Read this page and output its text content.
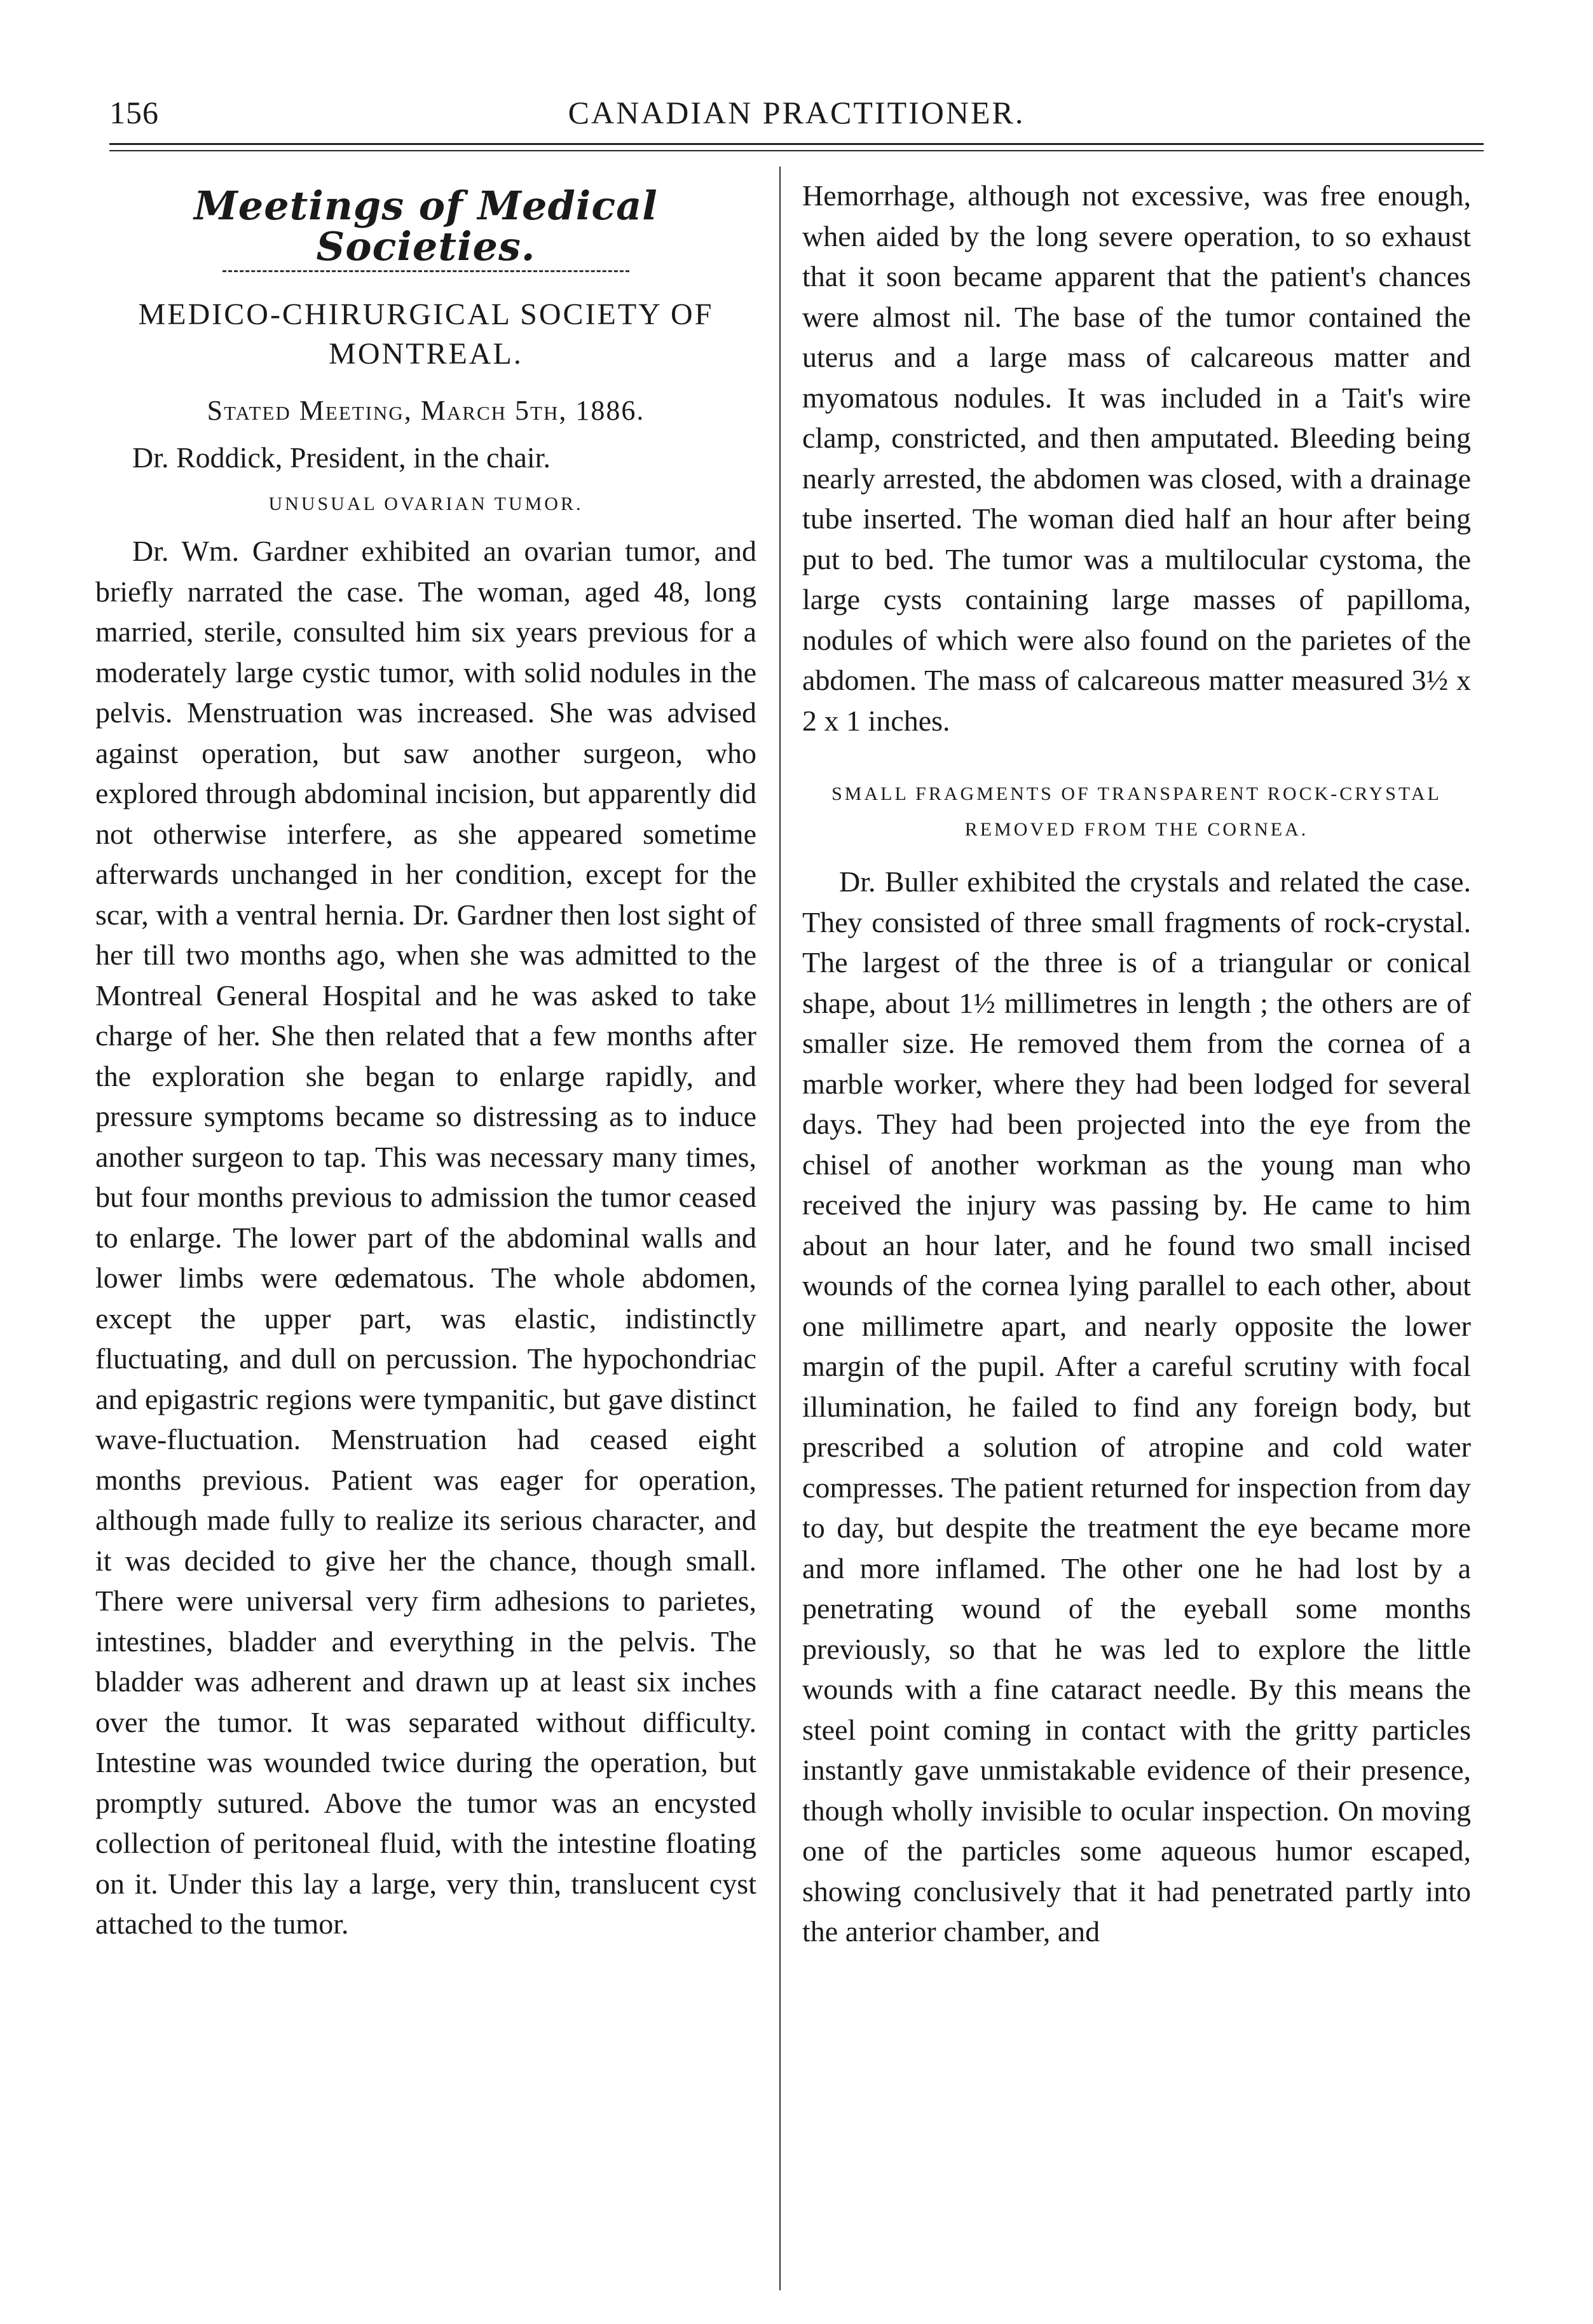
156	CANADIAN PRACTITIONER.
Meetings of Medical Societies.

MEDICO-CHIRURGICAL SOCIETY OF MONTREAL.

Stated Meeting, March 5th, 1886.

Dr. Roddick, President, in the chair.

UNUSUAL OVARIAN TUMOR.

Dr. Wm. Gardner exhibited an ovarian tumor, and briefly narrated the case. The woman, aged 48, long married, sterile, consulted him six years previous for a moderately large cystic tumor, with solid nodules in the pelvis. Menstruation was increased. She was advised against operation, but saw another surgeon, who explored through abdominal incision, but apparently did not otherwise interfere, as she appeared sometime afterwards unchanged in her condition, except for the scar, with a ventral hernia. Dr. Gardner then lost sight of her till two months ago, when she was admitted to the Montreal General Hospital and he was asked to take charge of her. She then related that a few months after the exploration she began to enlarge rapidly, and pressure symptoms became so distressing as to induce another surgeon to tap. This was necessary many times, but four months previous to admission the tumor ceased to enlarge. The lower part of the abdominal walls and lower limbs were œdematous. The whole abdomen, except the upper part, was elastic, indistinctly fluctuating, and dull on percussion. The hypochondriac and epigastric regions were tympanitic, but gave distinct wave-fluctuation. Menstruation had ceased eight months previous. Patient was eager for operation, although made fully to realize its serious character, and it was decided to give her the chance, though small. There were universal very firm adhesions to parietes, intestines, bladder and everything in the pelvis. The bladder was adherent and drawn up at least six inches over the tumor. It was separated without difficulty. Intestine was wounded twice during the operation, but promptly sutured. Above the tumor was an encysted collection of peritoneal fluid, with the intestine floating on it. Under this lay a large, very thin, translucent cyst attached to the tumor.

Hemorrhage, although not excessive, was free enough, when aided by the long severe operation, to so exhaust that it soon became apparent that the patient's chances were almost nil. The base of the tumor contained the uterus and a large mass of calcareous matter and myomatous nodules. It was included in a Tait's wire clamp, constricted, and then amputated. Bleeding being nearly arrested, the abdomen was closed, with a drainage tube inserted. The woman died half an hour after being put to bed. The tumor was a multilocular cystoma, the large cysts containing large masses of papilloma, nodules of which were also found on the parietes of the abdomen. The mass of calcareous matter measured 3½ x 2 x 1 inches.

SMALL FRAGMENTS OF TRANSPARENT ROCK-CRYSTAL REMOVED FROM THE CORNEA.

Dr. Buller exhibited the crystals and related the case. They consisted of three small fragments of rock-crystal. The largest of the three is of a triangular or conical shape, about 1½ millimetres in length ; the others are of smaller size. He removed them from the cornea of a marble worker, where they had been lodged for several days. They had been projected into the eye from the chisel of another workman as the young man who received the injury was passing by. He came to him about an hour later, and he found two small incised wounds of the cornea lying parallel to each other, about one millimetre apart, and nearly opposite the lower margin of the pupil. After a careful scrutiny with focal illumination, he failed to find any foreign body, but prescribed a solution of atropine and cold water compresses. The patient returned for inspection from day to day, but despite the treatment the eye became more and more inflamed. The other one he had lost by a penetrating wound of the eyeball some months previously, so that he was led to explore the little wounds with a fine cataract needle. By this means the steel point coming in contact with the gritty particles instantly gave unmistakable evidence of their presence, though wholly invisible to ocular inspection. On moving one of the particles some aqueous humor escaped, showing conclusively that it had penetrated partly into the anterior chamber, and
